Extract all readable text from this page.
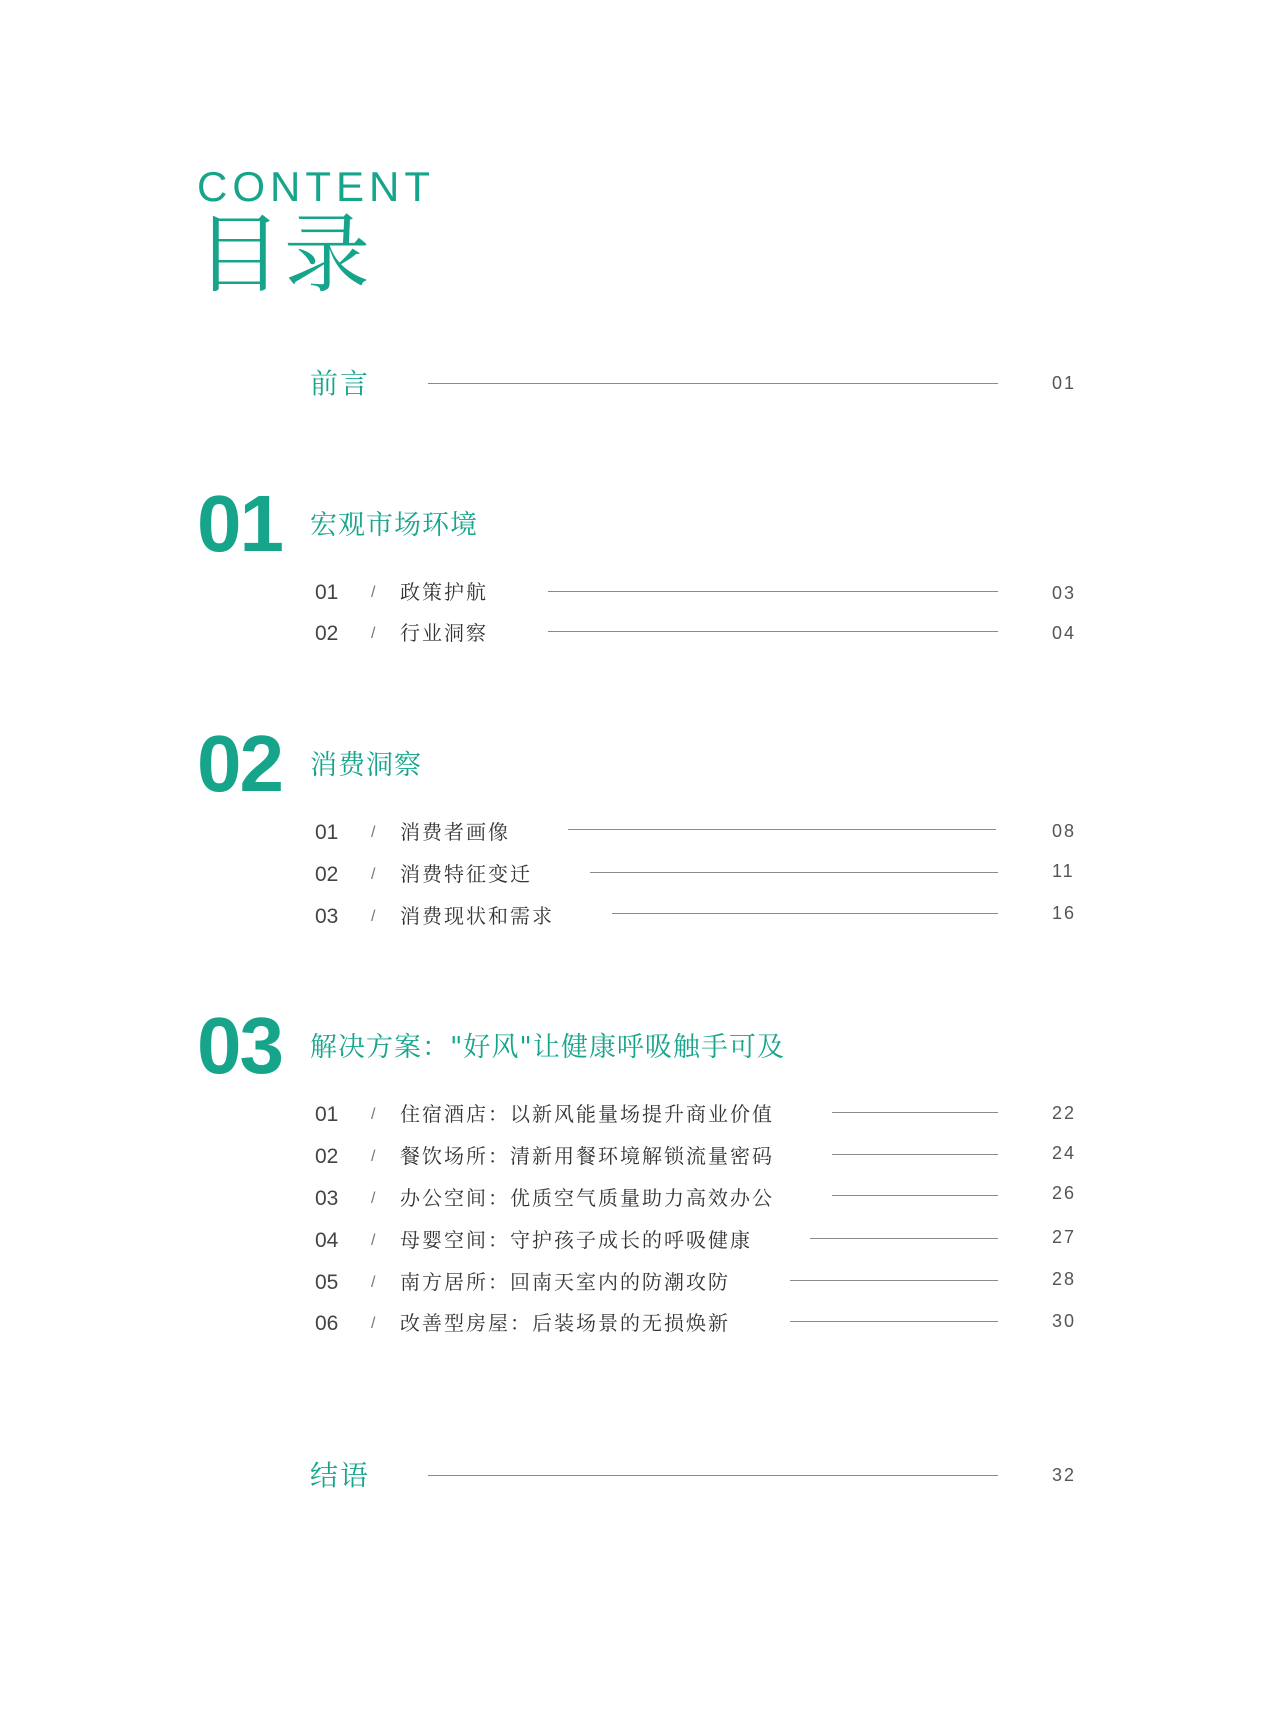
CONTENT
目录
前言	01
01 宏观市场环境
01 / 政策护航	03
02 / 行业洞察	04
02 消费洞察
01 / 消费者画像	08
02 / 消费特征变迁	11
03 / 消费现状和需求	16
03 解决方案："好风"让健康呼吸触手可及
01 / 住宿酒店：以新风能量场提升商业价值	22
02 / 餐饮场所：清新用餐环境解锁流量密码	24
03 / 办公空间：优质空气质量助力高效办公	26
04 / 母婴空间：守护孩子成长的呼吸健康	27
05 / 南方居所：回南天室内的防潮攻防	28
06 / 改善型房屋：后装场景的无损焕新	30
结语	32
